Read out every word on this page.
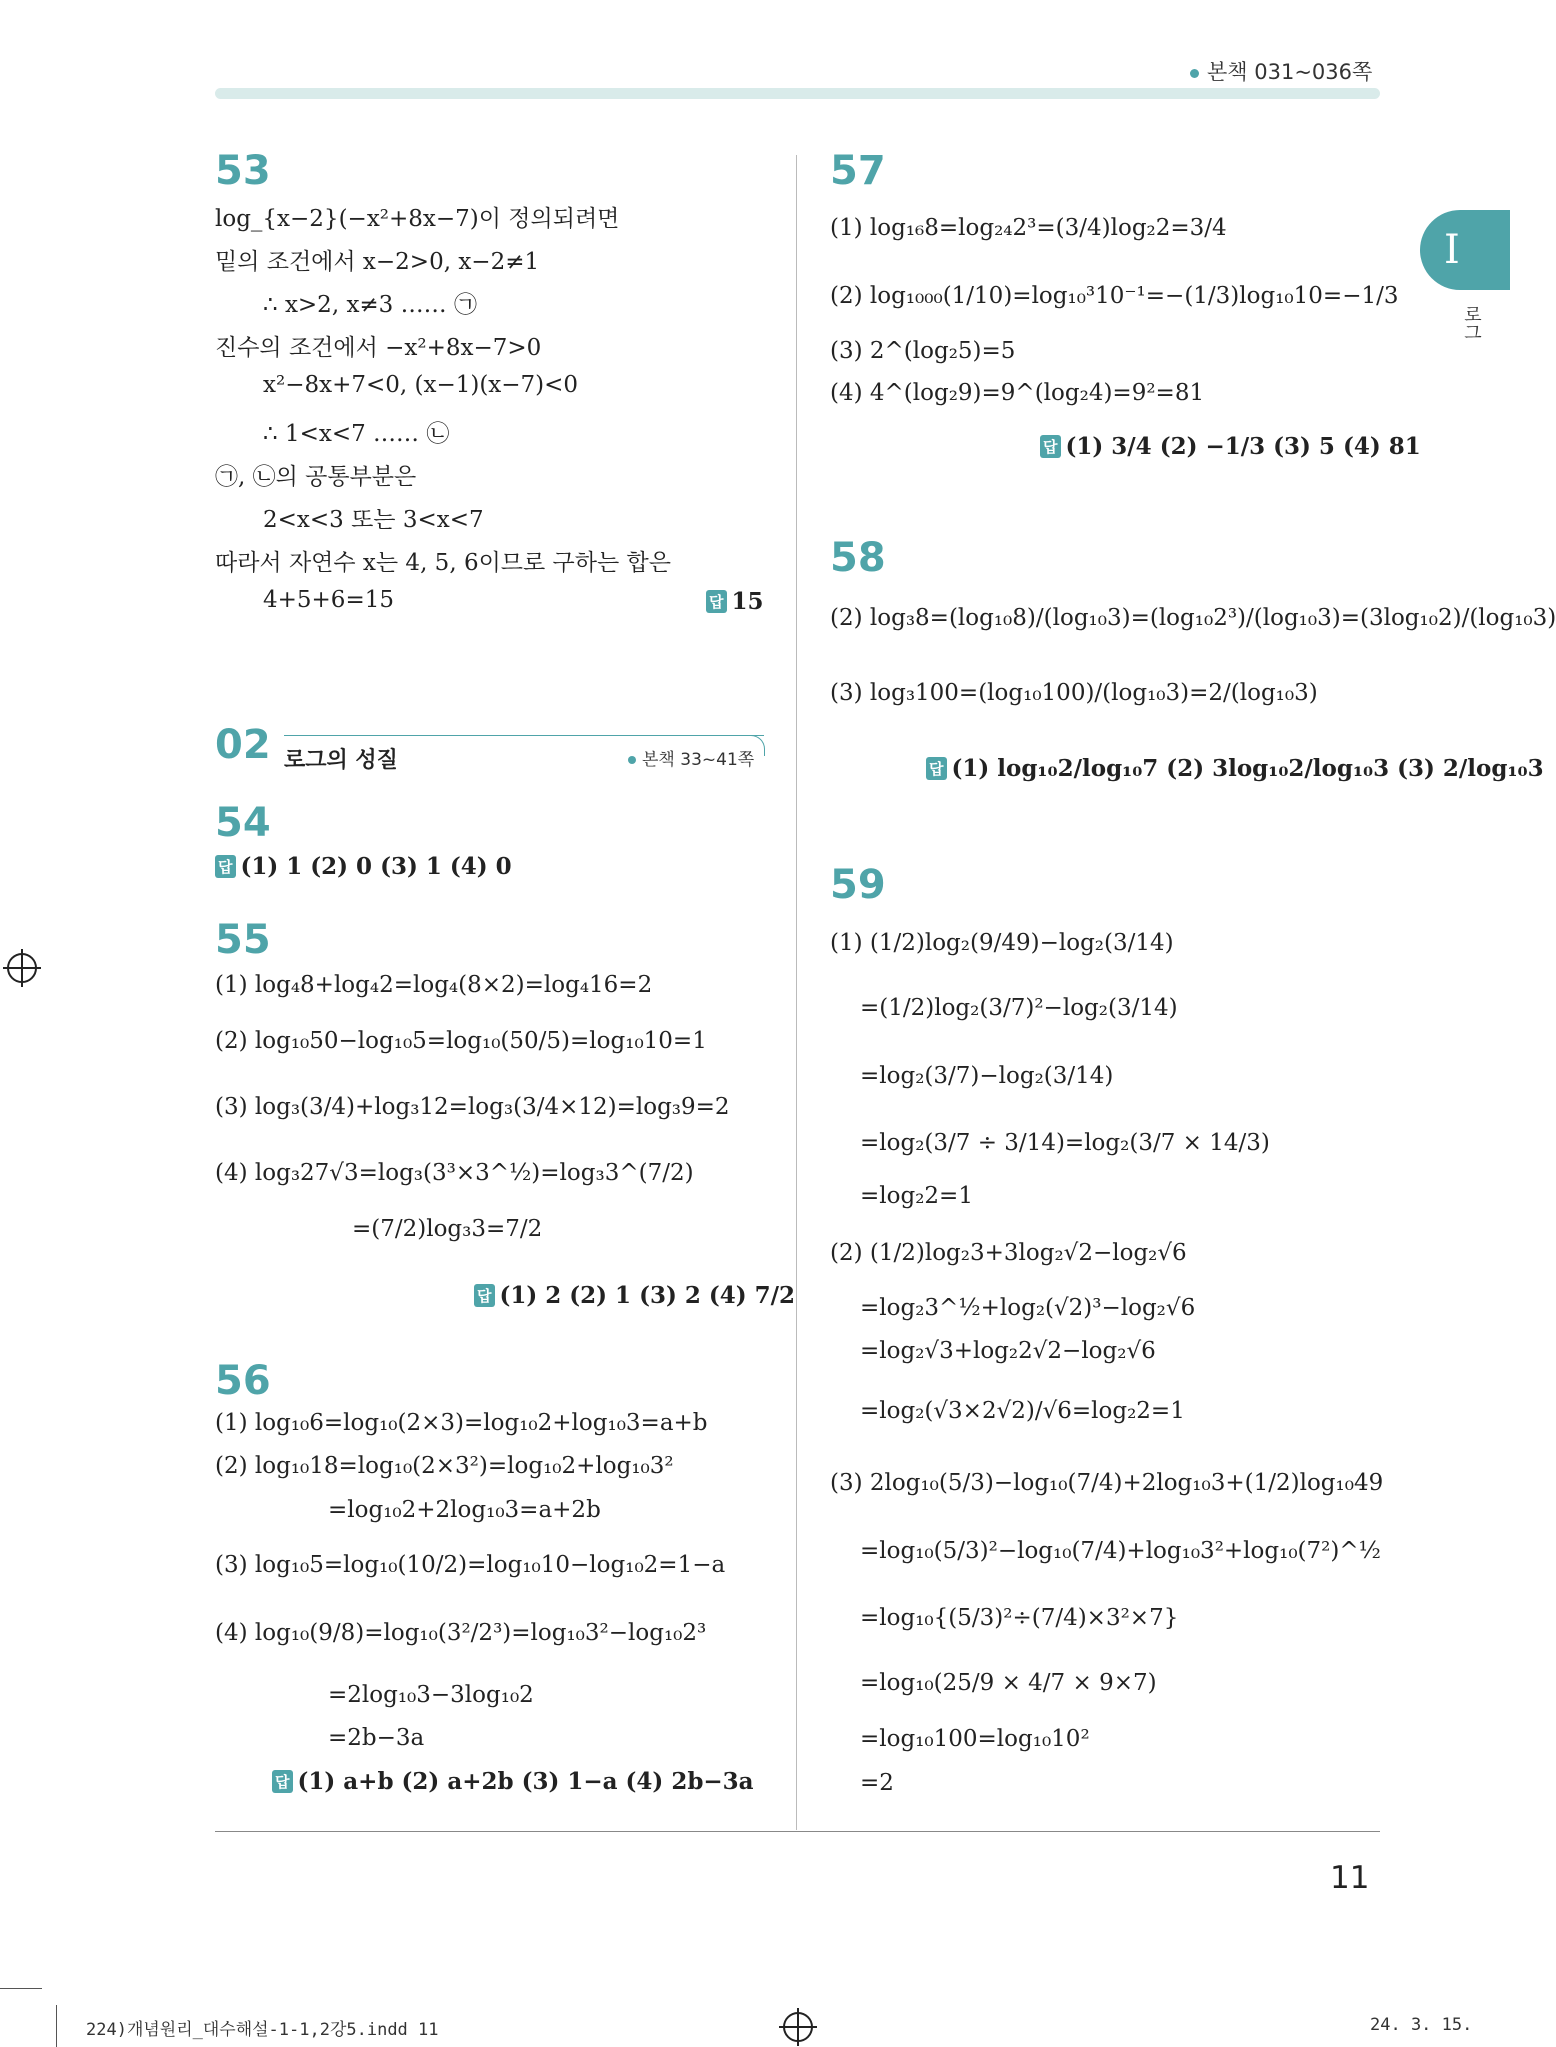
본책 031~036쪽
I
로그
53
log_{x−2}(−x²+8x−7)이 정의되려면
밑의 조건에서 x−2>0, x−2≠1
∴ x>2, x≠3 …… ㉠
진수의 조건에서 −x²+8x−7>0
x²−8x+7<0, (x−1)(x−7)<0
∴ 1<x<7 …… ㉡
㉠, ㉡의 공통부분은
2<x<3 또는 3<x<7
따라서 자연수 x는 4, 5, 6이므로 구하는 합은
4+5+6=15	답 15
02 로그의 성질	본책 33~41쪽
54
답 (1) 1 (2) 0 (3) 1 (4) 0
55
(1) log₄8+log₄2=log₄(8×2)=log₄16=2
(2) log₁₀50−log₁₀5=log₁₀(50/5)=log₁₀10=1
(3) log₃(3/4)+log₃12=log₃(3/4×12)=log₃9=2
(4) log₃27√3=log₃(3³×3^½)=log₃3^(7/2)
=(7/2)log₃3=7/2
답 (1) 2 (2) 1 (3) 2 (4) 7/2
56
(1) log₁₀6=log₁₀(2×3)=log₁₀2+log₁₀3=a+b
(2) log₁₀18=log₁₀(2×3²)=log₁₀2+log₁₀3²
=log₁₀2+2log₁₀3=a+2b
(3) log₁₀5=log₁₀(10/2)=log₁₀10−log₁₀2=1−a
(4) log₁₀(9/8)=log₁₀(3²/2³)=log₁₀3²−log₁₀2³
=2log₁₀3−3log₁₀2
=2b−3a
답 (1) a+b (2) a+2b (3) 1−a (4) 2b−3a
57
(1) log₁₆8=log₂₄2³=(3/4)log₂2=3/4
(2) log₁₀₀₀(1/10)=log₁₀³10⁻¹=−(1/3)log₁₀10=−1/3
(3) 2^(log₂5)=5
(4) 4^(log₂9)=9^(log₂4)=9²=81
답 (1) 3/4 (2) −1/3 (3) 5 (4) 81
58
(2) log₃8=(log₁₀8)/(log₁₀3)=(log₁₀2³)/(log₁₀3)=(3log₁₀2)/(log₁₀3)
(3) log₃100=(log₁₀100)/(log₁₀3)=2/(log₁₀3)
답 (1) log₁₀2/log₁₀7 (2) 3log₁₀2/log₁₀3 (3) 2/log₁₀3
59
(1) (1/2)log₂(9/49)−log₂(3/14)
=(1/2)log₂(3/7)²−log₂(3/14)
=log₂(3/7)−log₂(3/14)
=log₂(3/7 ÷ 3/14)=log₂(3/7 × 14/3)
=log₂2=1
(2) (1/2)log₂3+3log₂√2−log₂√6
=log₂3^½+log₂(√2)³−log₂√6
=log₂√3+log₂2√2−log₂√6
=log₂(√3×2√2)/√6=log₂2=1
(3) 2log₁₀(5/3)−log₁₀(7/4)+2log₁₀3+(1/2)log₁₀49
=log₁₀(5/3)²−log₁₀(7/4)+log₁₀3²+log₁₀(7²)^½
=log₁₀{(5/3)²÷(7/4)×3²×7}
=log₁₀(25/9 × 4/7 × 9×7)
=log₁₀100=log₁₀10²
=2
11
224)개념원리_대수해설-1-1,2강5.indd 11	24. 3. 15.
